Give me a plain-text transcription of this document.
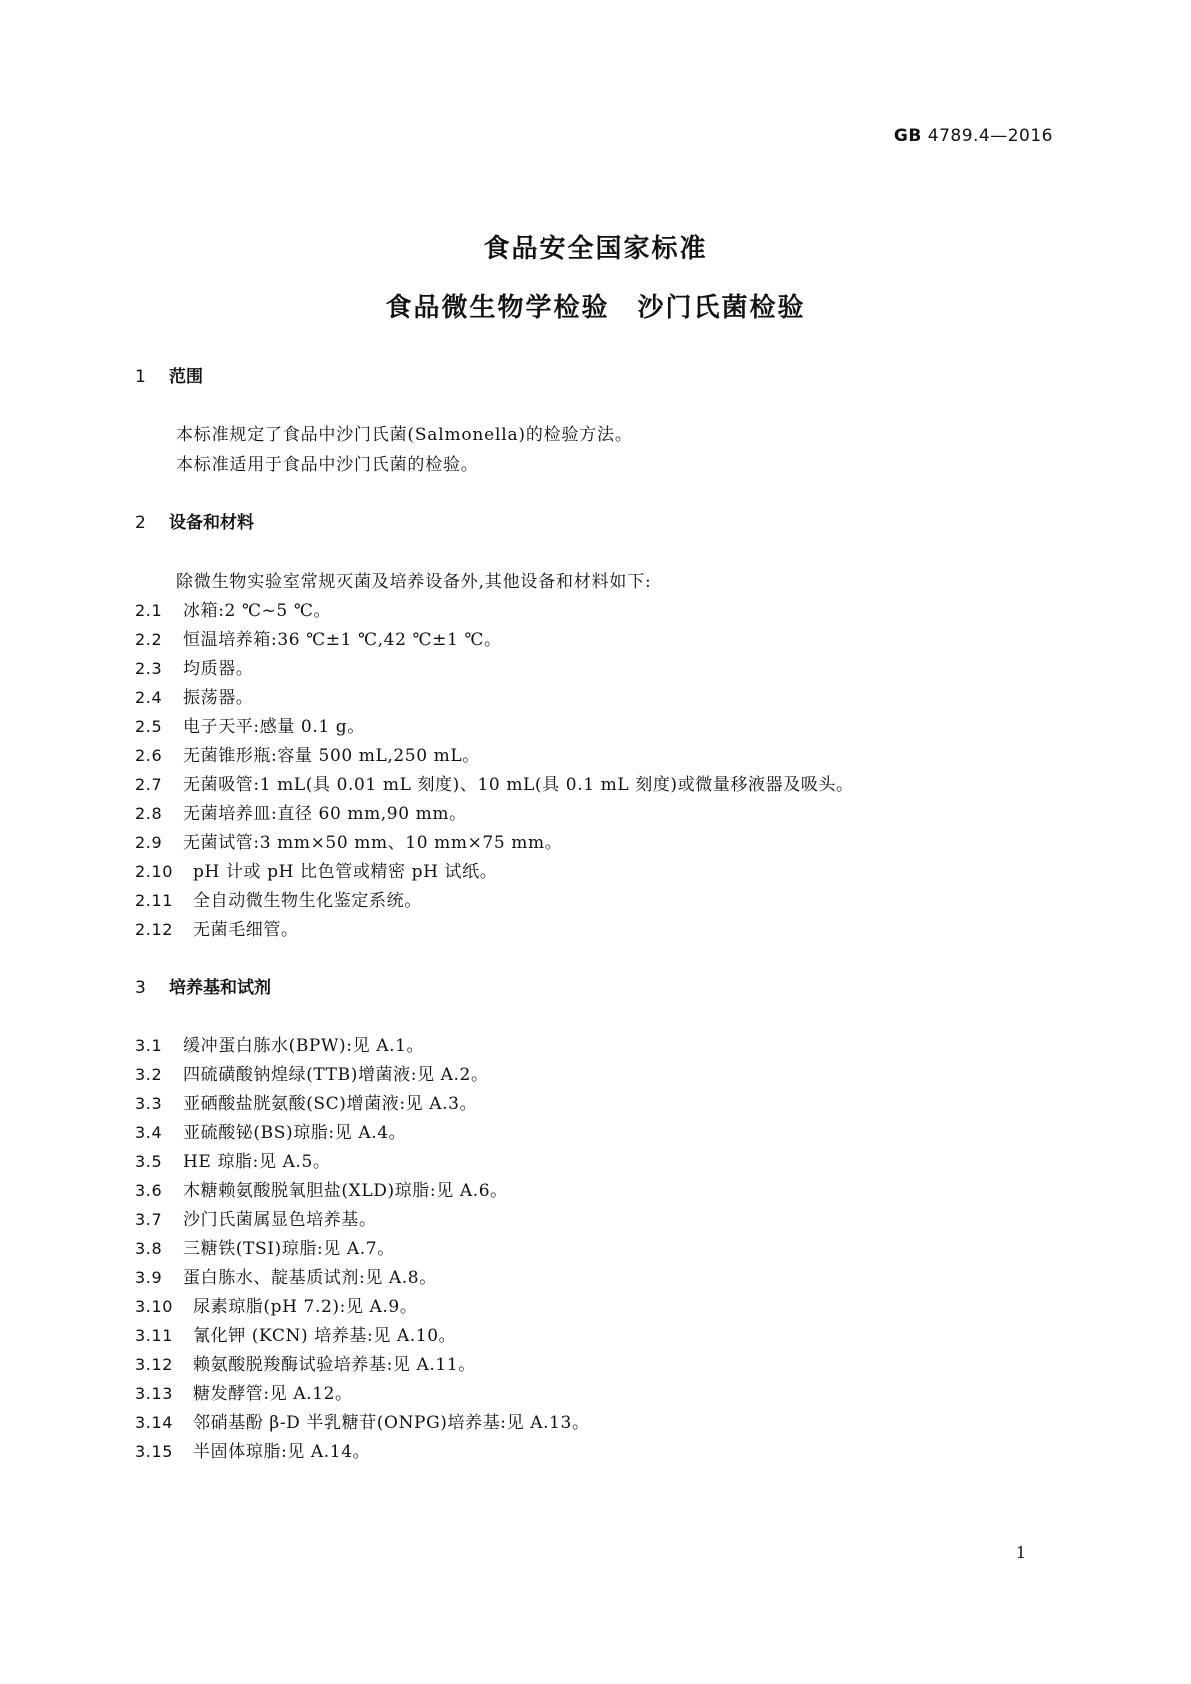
GB 4789.4—2016
食品安全国家标准
食品微生物学检验　沙门氏菌检验
1 范围
本标准规定了食品中沙门氏菌(Salmonella)的检验方法。
本标准适用于食品中沙门氏菌的检验。
2 设备和材料
除微生物实验室常规灭菌及培养设备外,其他设备和材料如下:
2.1 冰箱:2 ℃~5 ℃。
2.2 恒温培养箱:36 ℃±1 ℃,42 ℃±1 ℃。
2.3 均质器。
2.4 振荡器。
2.5 电子天平:感量 0.1 g。
2.6 无菌锥形瓶:容量 500 mL,250 mL。
2.7 无菌吸管:1 mL(具 0.01 mL 刻度)、10 mL(具 0.1 mL 刻度)或微量移液器及吸头。
2.8 无菌培养皿:直径 60 mm,90 mm。
2.9 无菌试管:3 mm×50 mm、10 mm×75 mm。
2.10 pH 计或 pH 比色管或精密 pH 试纸。
2.11 全自动微生物生化鉴定系统。
2.12 无菌毛细管。
3 培养基和试剂
3.1 缓冲蛋白胨水(BPW):见 A.1。
3.2 四硫磺酸钠煌绿(TTB)增菌液:见 A.2。
3.3 亚硒酸盐胱氨酸(SC)增菌液:见 A.3。
3.4 亚硫酸铋(BS)琼脂:见 A.4。
3.5 HE 琼脂:见 A.5。
3.6 木糖赖氨酸脱氧胆盐(XLD)琼脂:见 A.6。
3.7 沙门氏菌属显色培养基。
3.8 三糖铁(TSI)琼脂:见 A.7。
3.9 蛋白胨水、靛基质试剂:见 A.8。
3.10 尿素琼脂(pH 7.2):见 A.9。
3.11 氰化钾 (KCN) 培养基:见 A.10。
3.12 赖氨酸脱羧酶试验培养基:见 A.11。
3.13 糖发酵管:见 A.12。
3.14 邻硝基酚 β-D 半乳糖苷(ONPG)培养基:见 A.13。
3.15 半固体琼脂:见 A.14。
1
